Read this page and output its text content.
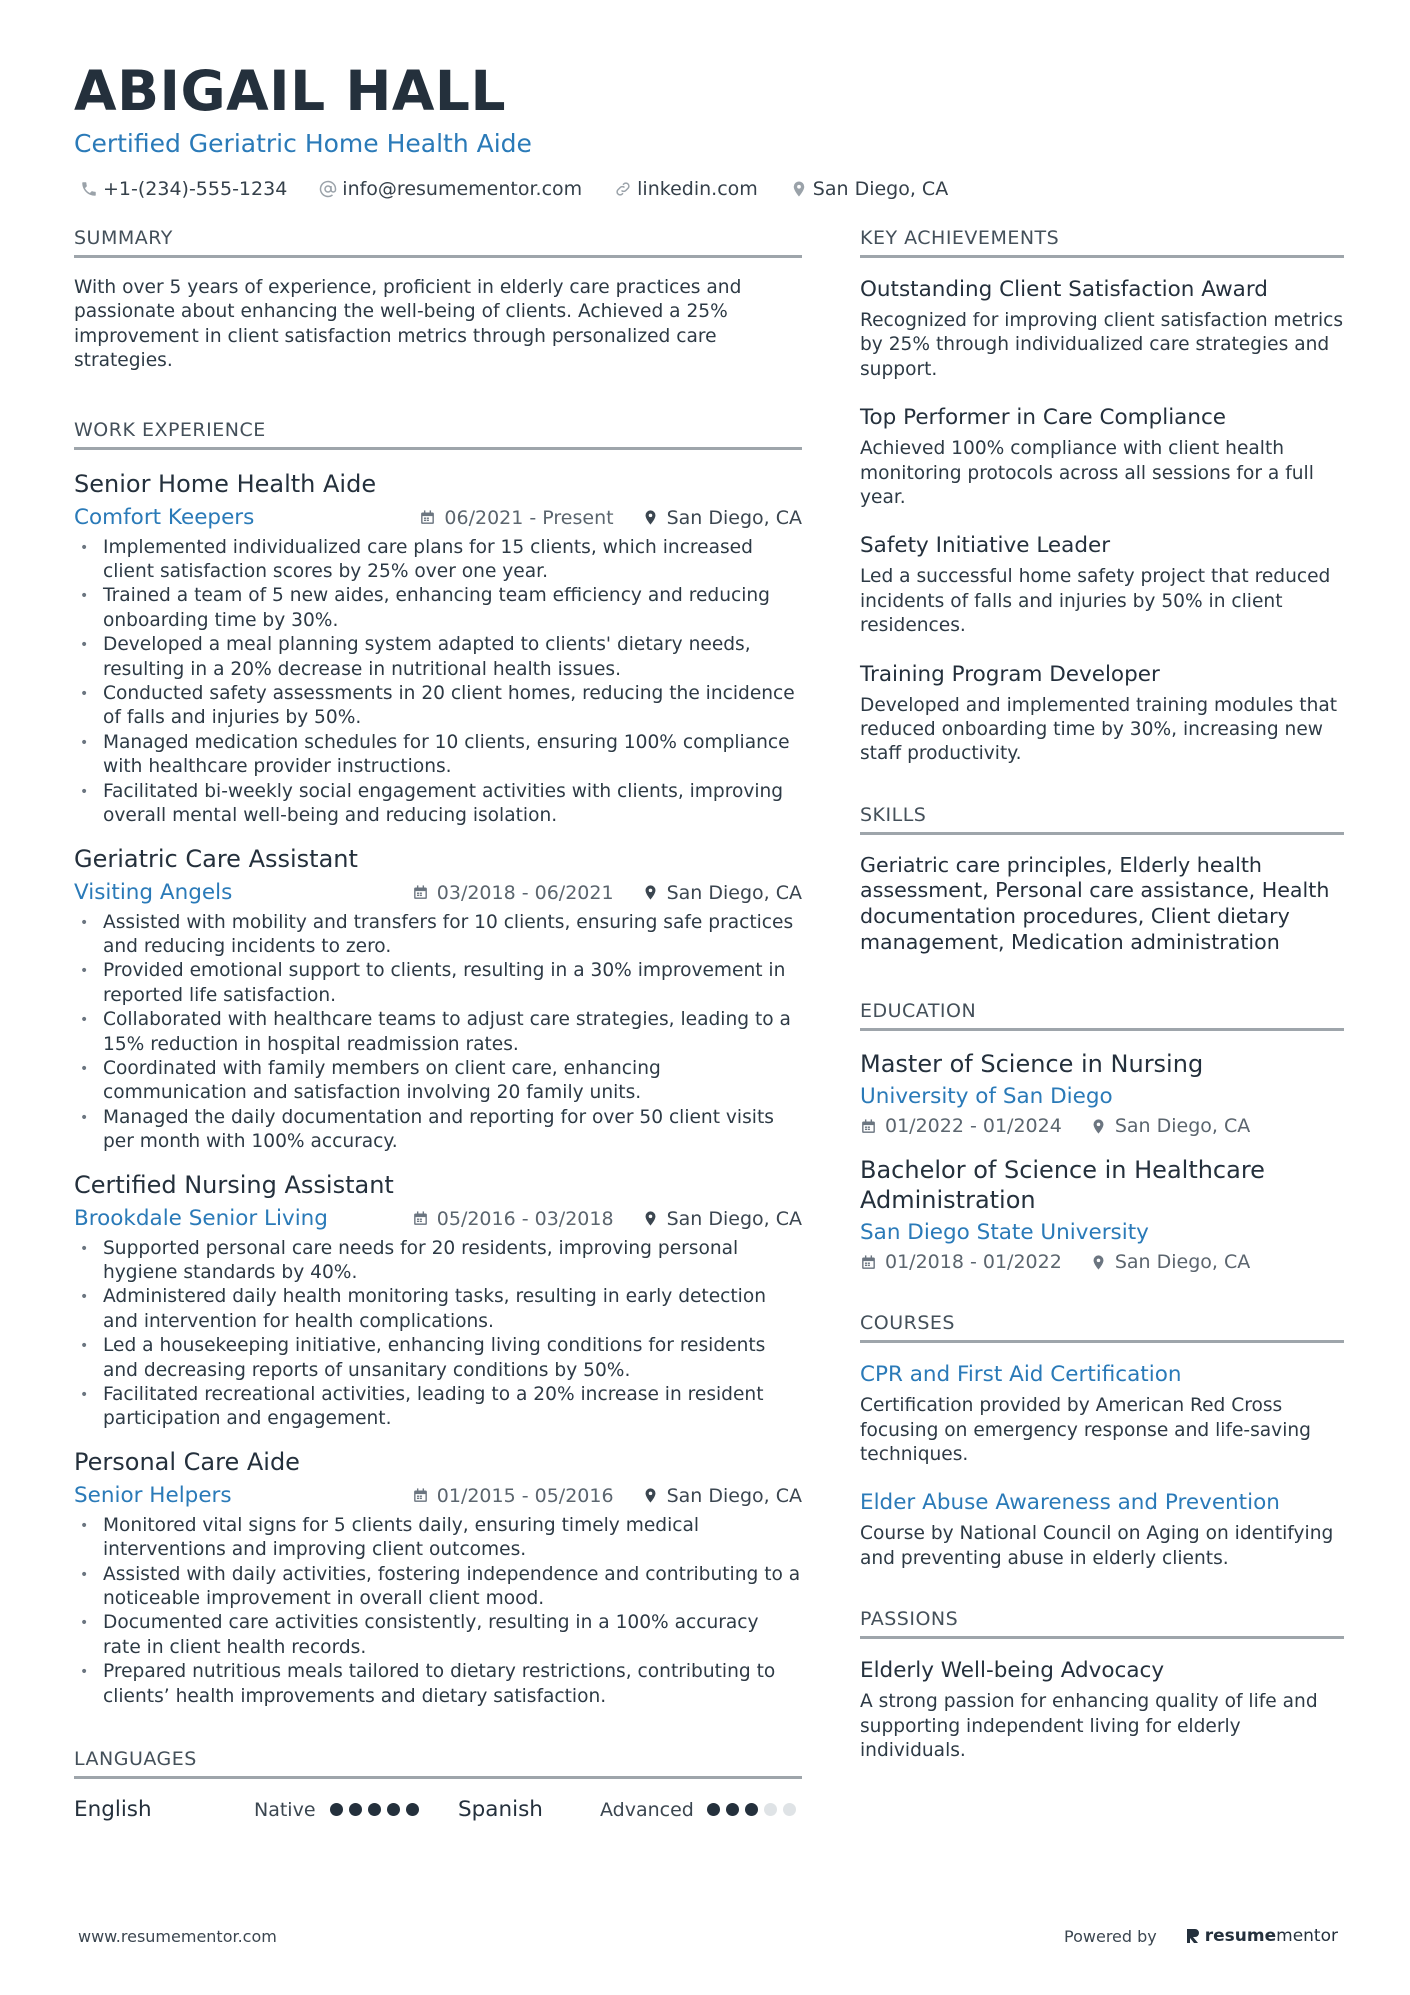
ABIGAIL HALL
Certified Geriatric Home Health Aide
+1-(234)-555-1234	info@resumementor.com	linkedin.com	San Diego, CA
SUMMARY

With over 5 years of experience, proficient in elderly care practices and passionate about enhancing the well-being of clients. Achieved a 25% improvement in client satisfaction metrics through personalized care strategies.

WORK EXPERIENCE
Senior Home Health Aide
Comfort Keepers	06/2021 - Present	San Diego, CA
• Implemented individualized care plans for 15 clients, which increased client satisfaction scores by 25% over one year.
• Trained a team of 5 new aides, enhancing team efficiency and reducing onboarding time by 30%.
• Developed a meal planning system adapted to clients' dietary needs, resulting in a 20% decrease in nutritional health issues.
• Conducted safety assessments in 20 client homes, reducing the incidence of falls and injuries by 50%.
• Managed medication schedules for 10 clients, ensuring 100% compliance with healthcare provider instructions.
• Facilitated bi-weekly social engagement activities with clients, improving overall mental well-being and reducing isolation.
Geriatric Care Assistant
Visiting Angels	03/2018 - 06/2021	San Diego, CA
• Assisted with mobility and transfers for 10 clients, ensuring safe practices and reducing incidents to zero.
• Provided emotional support to clients, resulting in a 30% improvement in reported life satisfaction.
• Collaborated with healthcare teams to adjust care strategies, leading to a 15% reduction in hospital readmission rates.
• Coordinated with family members on client care, enhancing communication and satisfaction involving 20 family units.
• Managed the daily documentation and reporting for over 50 client visits per month with 100% accuracy.
Certified Nursing Assistant
Brookdale Senior Living	05/2016 - 03/2018	San Diego, CA
• Supported personal care needs for 20 residents, improving personal hygiene standards by 40%.
• Administered daily health monitoring tasks, resulting in early detection and intervention for health complications.
• Led a housekeeping initiative, enhancing living conditions for residents and decreasing reports of unsanitary conditions by 50%.
• Facilitated recreational activities, leading to a 20% increase in resident participation and engagement.
Personal Care Aide
Senior Helpers	01/2015 - 05/2016	San Diego, CA
• Monitored vital signs for 5 clients daily, ensuring timely medical interventions and improving client outcomes.
• Assisted with daily activities, fostering independence and contributing to a noticeable improvement in overall client mood.
• Documented care activities consistently, resulting in a 100% accuracy rate in client health records.
• Prepared nutritious meals tailored to dietary restrictions, contributing to clients’ health improvements and dietary satisfaction.
LANGUAGES
English	Native	Spanish	Advanced
KEY ACHIEVEMENTS
Outstanding Client Satisfaction Award

Recognized for improving client satisfaction metrics by 25% through individualized care strategies and support.

Top Performer in Care Compliance

Achieved 100% compliance with client health monitoring protocols across all sessions for a full year.

Safety Initiative Leader

Led a successful home safety project that reduced incidents of falls and injuries by 50% in client residences.

Training Program Developer

Developed and implemented training modules that reduced onboarding time by 30%, increasing new staff productivity.

SKILLS

Geriatric care principles, Elderly health assessment, Personal care assistance, Health documentation procedures, Client dietary management, Medication administration

EDUCATION
Master of Science in Nursing
University of San Diego
01/2022 - 01/2024	San Diego, CA
Bachelor of Science in Healthcare Administration
San Diego State University
01/2018 - 01/2022	San Diego, CA
COURSES
CPR and First Aid Certification

Certification provided by American Red Cross focusing on emergency response and life-saving techniques.

Elder Abuse Awareness and Prevention

Course by National Council on Aging on identifying and preventing abuse in elderly clients.

PASSIONS
Elderly Well-being Advocacy

A strong passion for enhancing quality of life and supporting independent living for elderly individuals.

www.resumementor.com	Powered by	resume mentor
